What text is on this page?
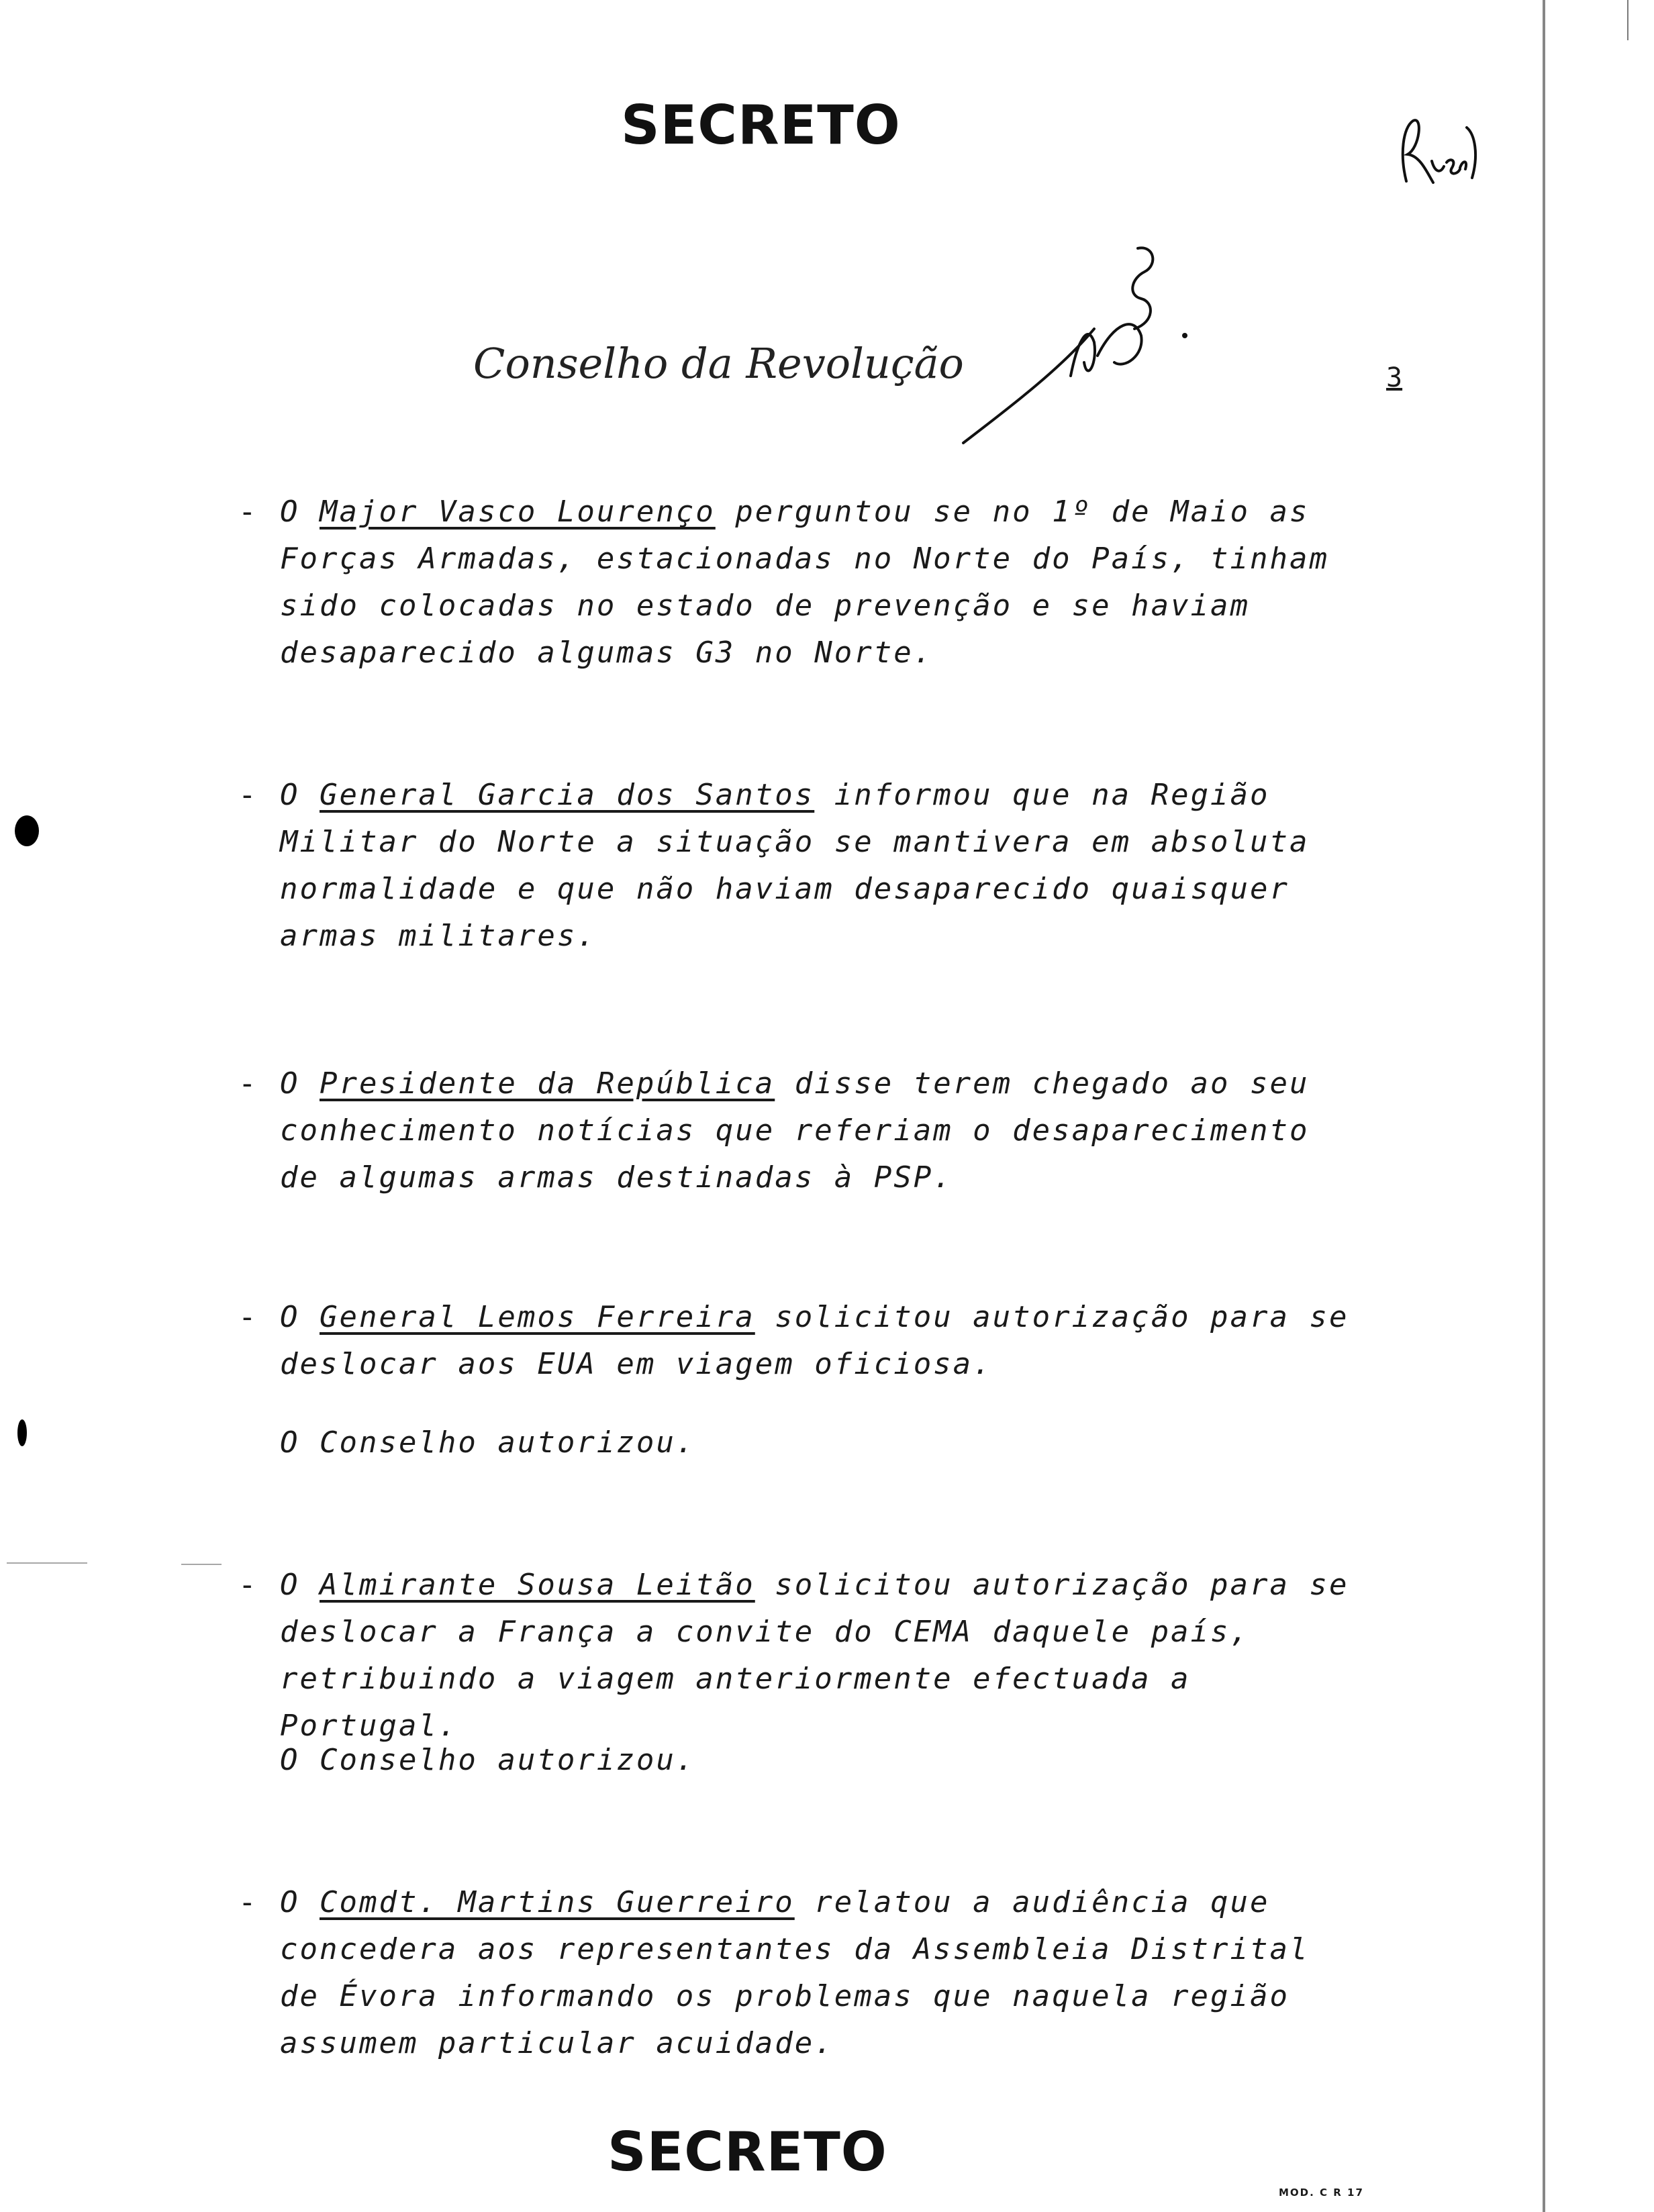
SECRETO
Conselho da Revolução	3
- O Major Vasco Lourenço perguntou se no 1º de Maio as Forças Armadas, estacionadas no Norte do País, tinham sido colocadas no estado de prevenção e se haviam desaparecido algumas G3 no Norte.
- O General Garcia dos Santos informou que na Região Militar do Norte a situação se mantivera em absoluta normalidade e que não haviam desaparecido quaisquer armas militares.
- O Presidente da República disse terem chegado ao seu conhecimento notícias que referiam o desaparecimento de algumas armas destinadas à PSP.
- O General Lemos Ferreira solicitou autorização para se deslocar aos EUA em viagem oficiosa.
O Conselho autorizou.
- O Almirante Sousa Leitão solicitou autorização para se deslocar a França a convite do CEMA daquele país, retribuindo a viagem anteriormente efectuada a Portugal.
O Conselho autorizou.
- O Comdt. Martins Guerreiro relatou a audiência que concedera aos representantes da Assembleia Distrital de Évora informando os problemas que naquela região assumem particular acuidade.
SECRETO
MOD. C R 17
